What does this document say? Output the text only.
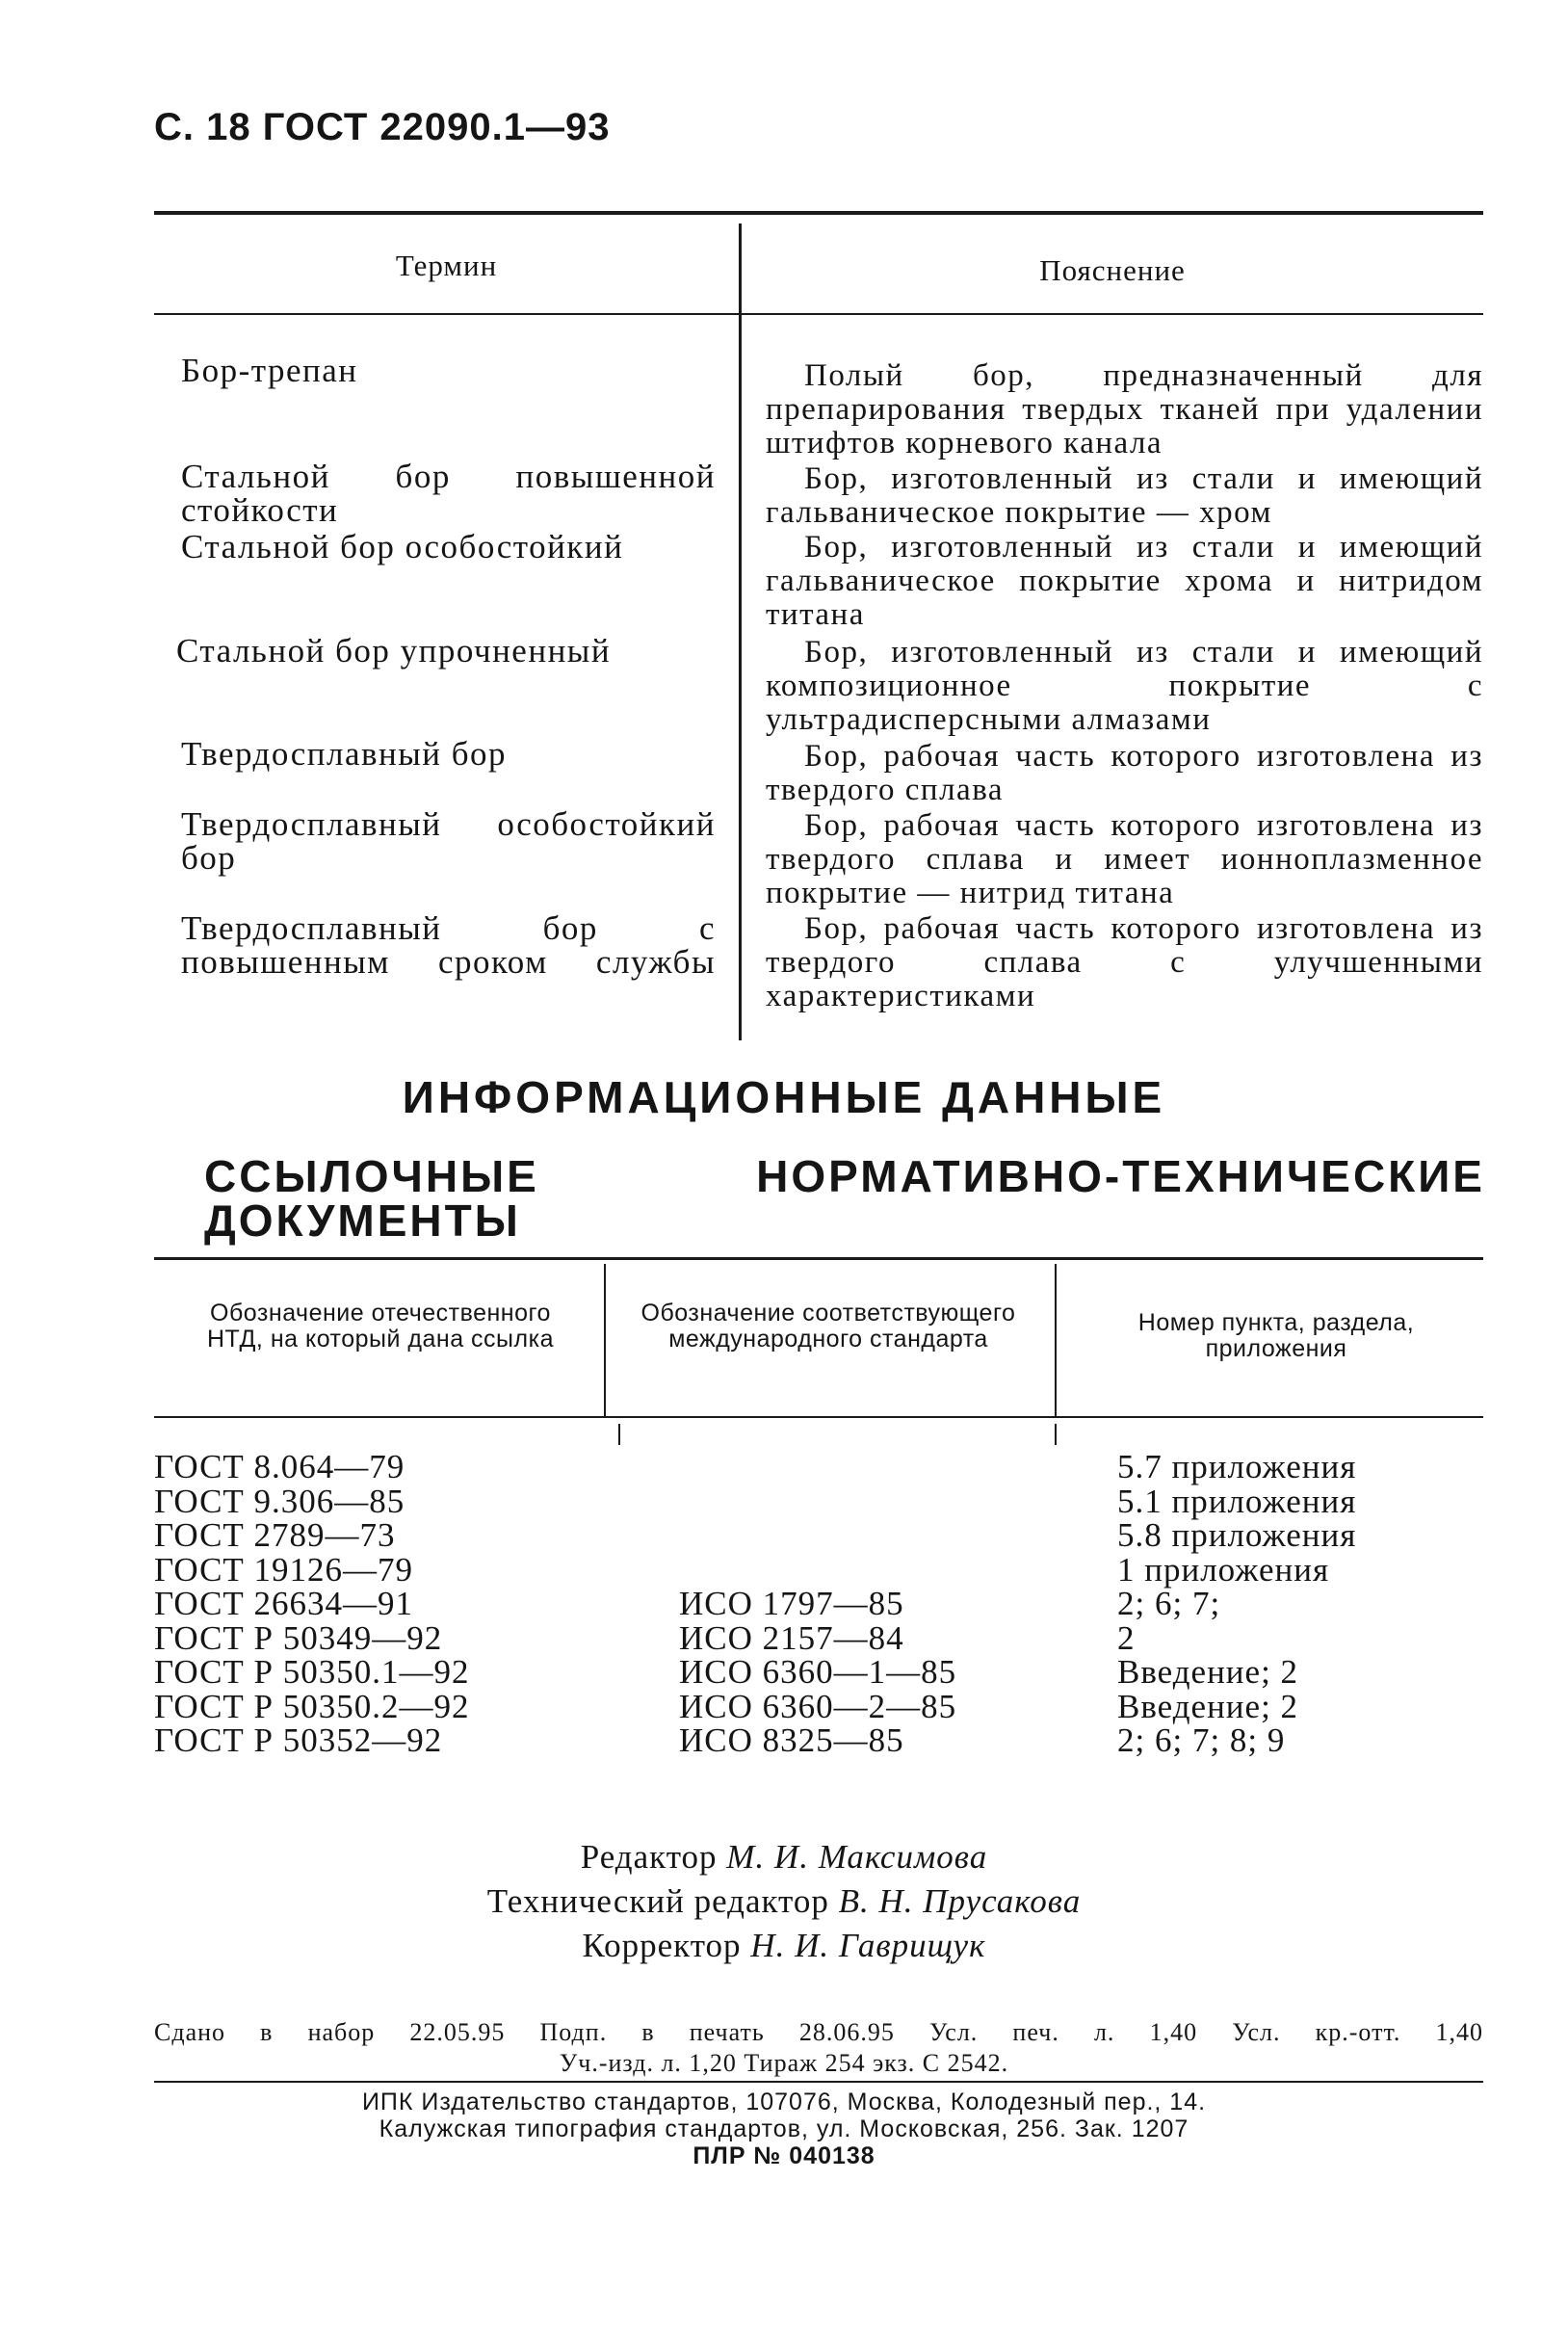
С. 18 ГОСТ 22090.1—93
Термин	Пояснение
Бор-трепан
Стальной бор повышенной стойкости
Стальной бор особостойкий
Стальной бор упрочненный
Твердосплавный бор
Твердосплавный особостойкий бор
Твердосплавный бор с повышенным сроком службы
Полый бор, предназначенный для препарирования твердых тканей при удалении штифтов корневого канала
Бор, изготовленный из стали и имеющий гальваническое покрытие — хром
Бор, изготовленный из стали и имеющий гальваническое покрытие хрома и нитридом титана
Бор, изготовленный из стали и имеющий композиционное покрытие с ультрадисперсными алмазами
Бор, рабочая часть которого изготовлена из твердого сплава
Бор, рабочая часть которого изготовлена из твердого сплава и имеет ионноплазменное покрытие — нитрид титана
Бор, рабочая часть которого изготовлена из твердого сплава с улучшенными характеристиками
ИНФОРМАЦИОННЫЕ ДАННЫЕ
ССЫЛОЧНЫЕ НОРМАТИВНО-ТЕХНИЧЕСКИЕ ДОКУМЕНТЫ
Обозначение отечественного НТД, на который дана ссылка
Обозначение соответствующего международного стандарта
Номер пункта, раздела, приложения
ГОСТ 8.064—79
ГОСТ 9.306—85
ГОСТ 2789—73
ГОСТ 19126—79
ГОСТ 26634—91
ГОСТ Р 50349—92
ГОСТ Р 50350.1—92
ГОСТ Р 50350.2—92
ГОСТ Р 50352—92
ИСО 1797—85
ИСО 2157—84
ИСО 6360—1—85
ИСО 6360—2—85
ИСО 8325—85
5.7 приложения
5.1 приложения
5.8 приложения
1 приложения
2; 6; 7;
2
Введение; 2
Введение; 2
2; 6; 7; 8; 9
Редактор М. И. Максимова
Технический редактор В. Н. Прусакова
Корректор Н. И. Гаврищук
Сдано в набор 22.05.95 Подп. в печать 28.06.95 Усл. печ. л. 1,40 Усл. кр.-отт. 1,40
Уч.-изд. л. 1,20 Тираж 254 экз. С 2542.
ИПК Издательство стандартов, 107076, Москва, Колодезный пер., 14.
Калужская типография стандартов, ул. Московская, 256. Зак. 1207
ПЛР № 040138
